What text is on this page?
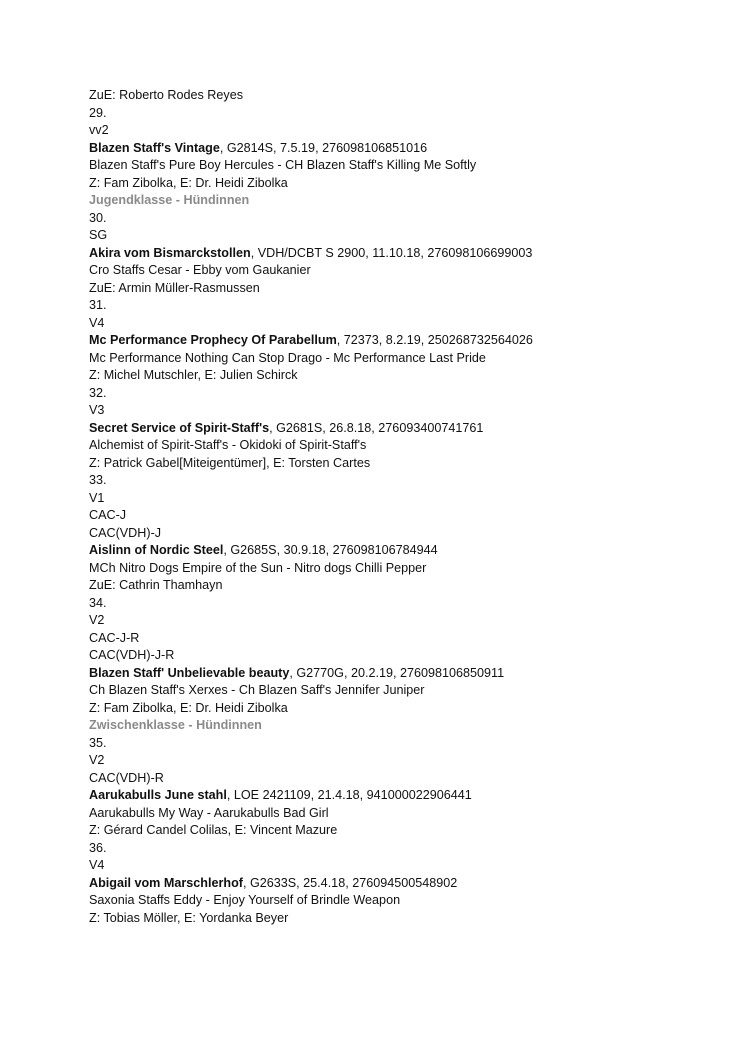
ZuE: Roberto Rodes Reyes
29.
vv2
Blazen Staff's Vintage, G2814S, 7.5.19, 276098106851016
Blazen Staff's Pure Boy Hercules - CH Blazen Staff's Killing Me Softly
Z: Fam Zibolka, E: Dr. Heidi Zibolka
Jugendklasse - Hündinnen
30.
SG
Akira vom Bismarckstollen, VDH/DCBT S 2900, 11.10.18, 276098106699003
Cro Staffs Cesar - Ebby vom Gaukanier
ZuE: Armin Müller-Rasmussen
31.
V4
Mc Performance Prophecy Of Parabellum, 72373, 8.2.19, 250268732564026
Mc Performance Nothing Can Stop Drago - Mc Performance Last Pride
Z: Michel Mutschler, E: Julien Schirck
32.
V3
Secret Service of Spirit-Staff's, G2681S, 26.8.18, 276093400741761
Alchemist of Spirit-Staff's - Okidoki of Spirit-Staff's
Z: Patrick Gabel[Miteigentümer], E: Torsten Cartes
33.
V1
CAC-J
CAC(VDH)-J
Aislinn of Nordic Steel, G2685S, 30.9.18, 276098106784944
MCh Nitro Dogs Empire of the Sun - Nitro dogs Chilli Pepper
ZuE: Cathrin Thamhayn
34.
V2
CAC-J-R
CAC(VDH)-J-R
Blazen Staff' Unbelievable beauty, G2770G, 20.2.19, 276098106850911
Ch Blazen Staff's Xerxes - Ch Blazen Saff's Jennifer Juniper
Z: Fam Zibolka, E: Dr. Heidi Zibolka
Zwischenklasse - Hündinnen
35.
V2
CAC(VDH)-R
Aarukabulls June stahl, LOE 2421109, 21.4.18, 941000022906441
Aarukabulls My Way - Aarukabulls Bad Girl
Z: Gérard Candel Colilas, E: Vincent Mazure
36.
V4
Abigail vom Marschlerhof, G2633S, 25.4.18, 276094500548902
Saxonia Staffs Eddy - Enjoy Yourself of Brindle Weapon
Z: Tobias Möller, E: Yordanka Beyer
